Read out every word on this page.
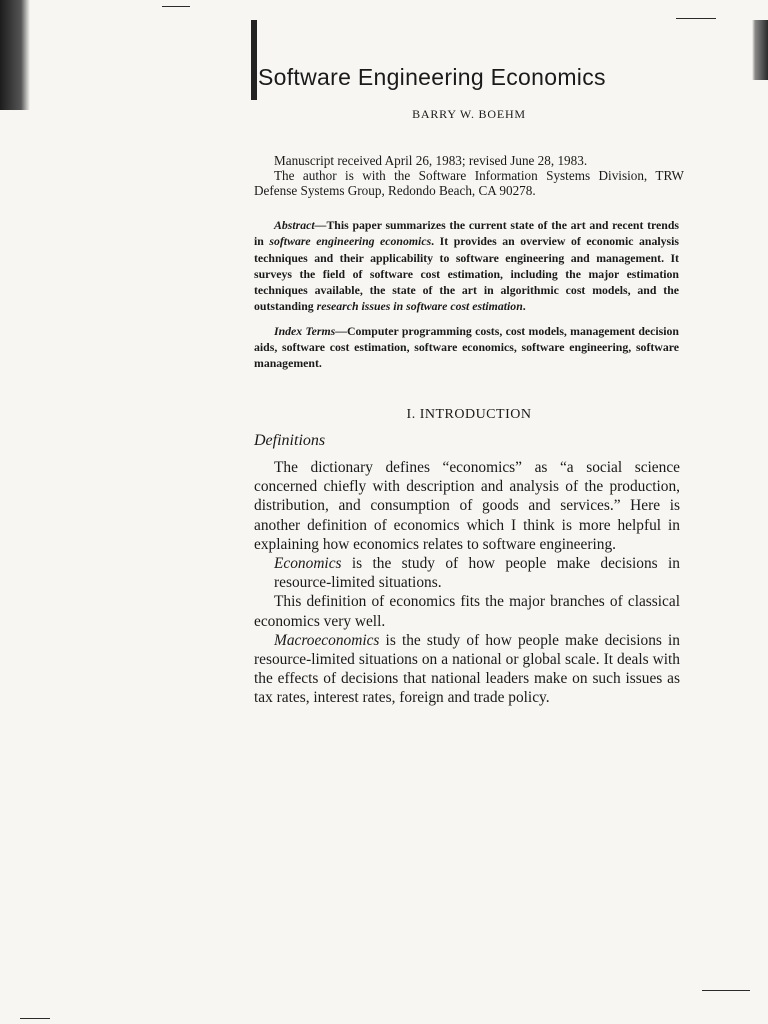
Software Engineering Economics
BARRY W. BOEHM

Manuscript received April 26, 1983; revised June 28, 1983.

The author is with the Software Information Systems Division, TRW Defense Systems Group, Redondo Beach, CA 90278.

Abstract—This paper summarizes the current state of the art and recent trends in software engineering economics. It provides an overview of economic analysis techniques and their applicability to software engineering and management. It surveys the field of software cost estimation, including the major estimation techniques available, the state of the art in algorithmic cost models, and the outstanding research issues in software cost estimation.

Index Terms—Computer programming costs, cost models, management decision aids, software cost estimation, software economics, software engineering, software management.

I. INTRODUCTION
Definitions

The dictionary defines “economics” as “a social science concerned chiefly with description and analysis of the production, distribution, and consumption of goods and services.” Here is another definition of economics which I think is more helpful in explaining how economics relates to software engineering.

Economics is the study of how people make decisions in resource-limited situations.

This definition of economics fits the major branches of classical economics very well.

Macroeconomics is the study of how people make decisions in resource-limited situations on a national or global scale. It deals with the effects of decisions that national leaders make on such issues as tax rates, interest rates, foreign and trade policy.
